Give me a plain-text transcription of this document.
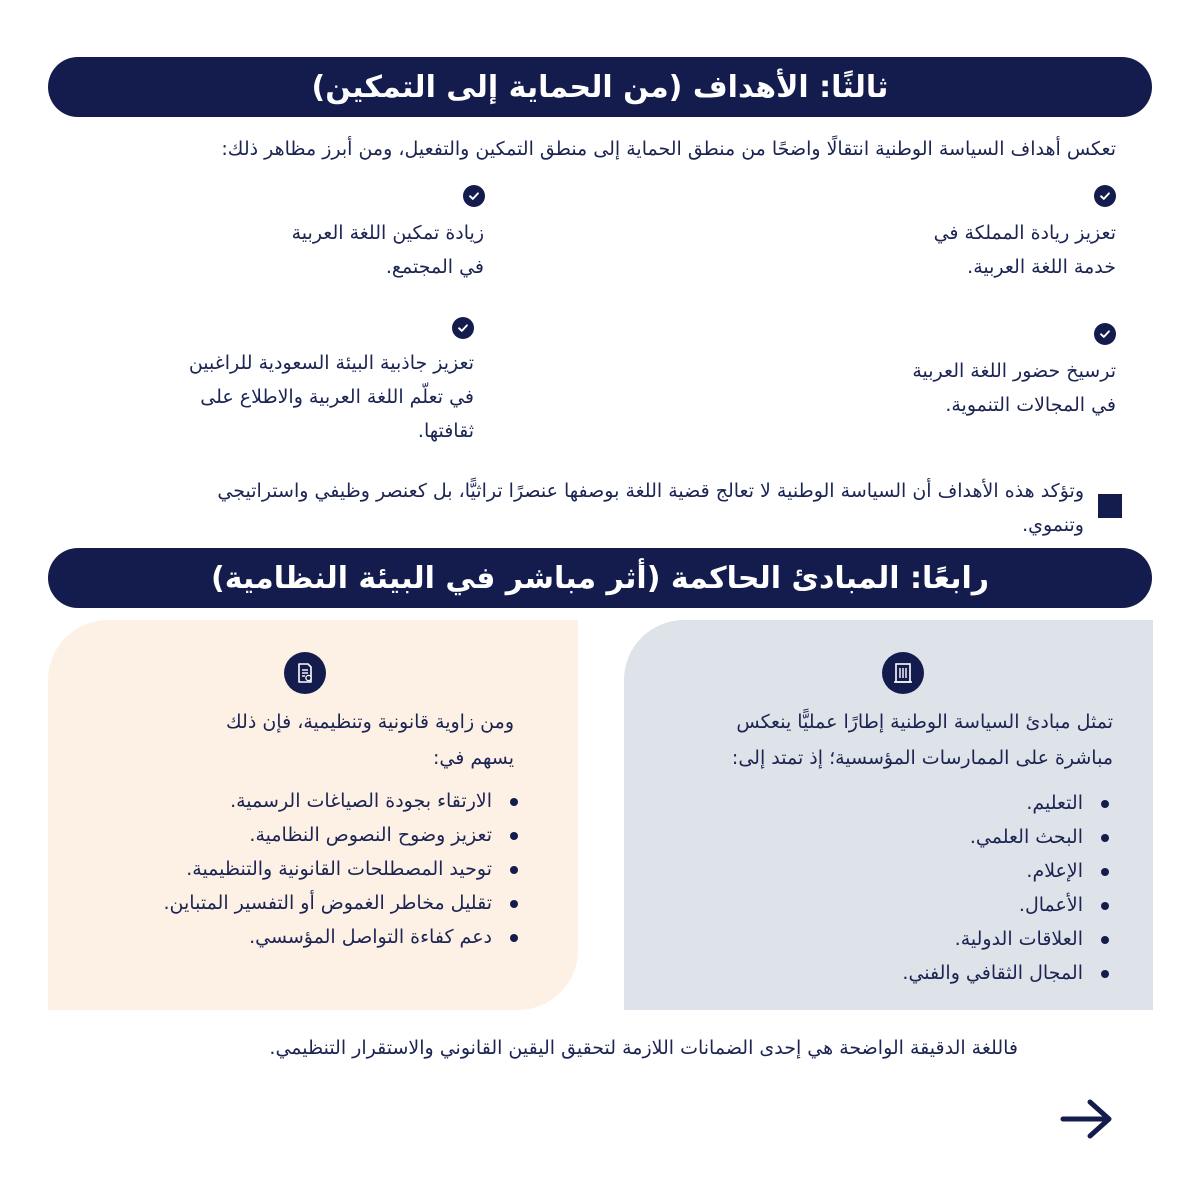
ثالثًا: الأهداف (من الحماية إلى التمكين)
تعكس أهداف السياسة الوطنية انتقالًا واضحًا من منطق الحماية إلى منطق التمكين والتفعيل، ومن أبرز مظاهر ذلك:
تعزيز ريادة المملكة في
خدمة اللغة العربية.
زيادة تمكين اللغة العربية
في المجتمع.
ترسيخ حضور اللغة العربية
في المجالات التنموية.
تعزيز جاذبية البيئة السعودية للراغبين
في تعلّم اللغة العربية والاطلاع على
ثقافتها.
وتؤكد هذه الأهداف أن السياسة الوطنية لا تعالج قضية اللغة بوصفها عنصرًا تراثيًّا، بل كعنصر وظيفي واستراتيجي
وتنموي.
رابعًا: المبادئ الحاكمة (أثر مباشر في البيئة النظامية)
تمثل مبادئ السياسة الوطنية إطارًا عمليًّا ينعكس
مباشرة على الممارسات المؤسسية؛ إذ تمتد إلى:
التعليم.
البحث العلمي.
الإعلام.
الأعمال.
العلاقات الدولية.
المجال الثقافي والفني.
ومن زاوية قانونية وتنظيمية، فإن ذلك
يسهم في:
الارتقاء بجودة الصياغات الرسمية.
تعزيز وضوح النصوص النظامية.
توحيد المصطلحات القانونية والتنظيمية.
تقليل مخاطر الغموض أو التفسير المتباين.
دعم كفاءة التواصل المؤسسي.
فاللغة الدقيقة الواضحة هي إحدى الضمانات اللازمة لتحقيق اليقين القانوني والاستقرار التنظيمي.
